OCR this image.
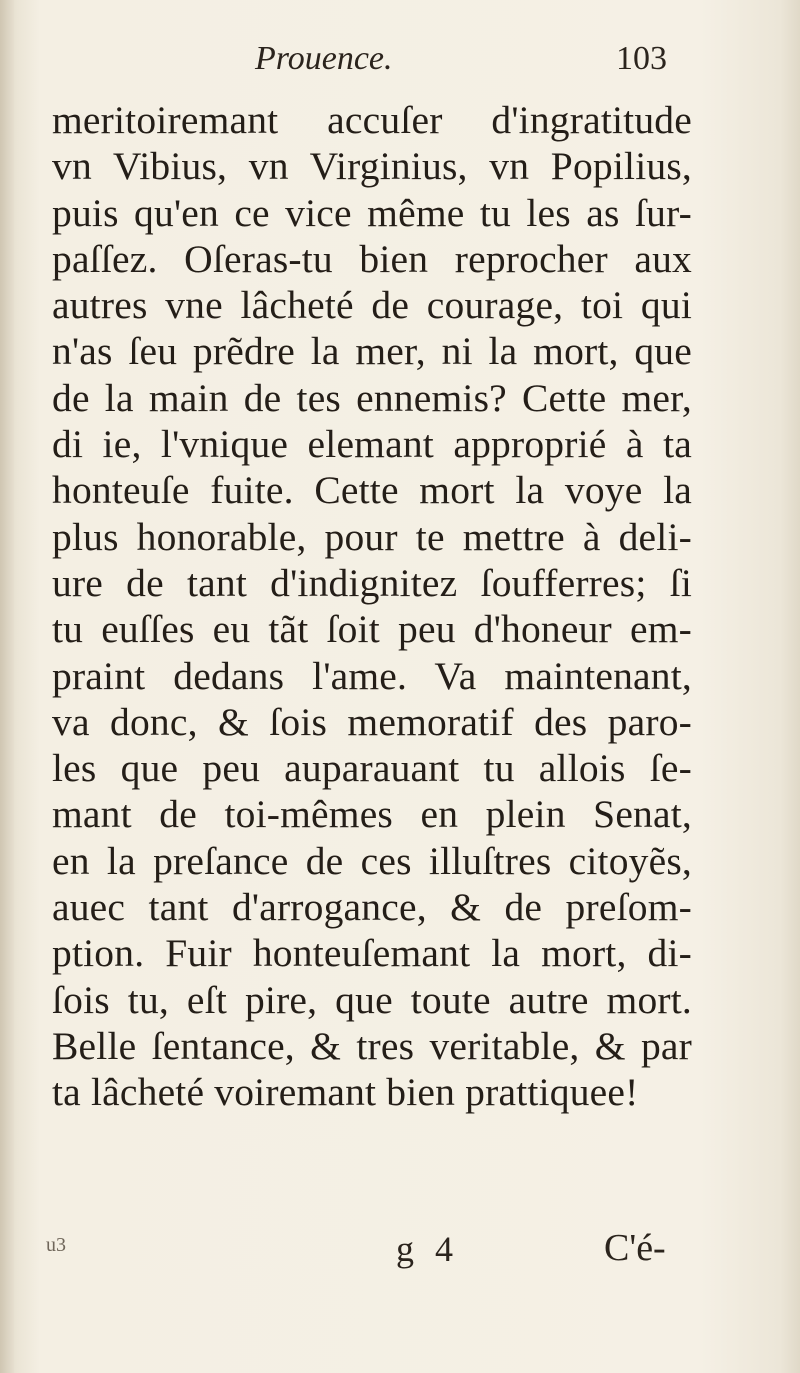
Prouence.	103
meritoiremant accuſer d'ingratitude
vn Vibius, vn Virginius, vn Popilius,
puis qu'en ce vice même tu les as ſur-
paſſez. Oſeras-tu bien reprocher aux
autres vne lâcheté de courage, toi qui
n'as ſeu prẽdre la mer, ni la mort, que
de la main de tes ennemis? Cette mer,
di ie, l'vnique elemant approprié à ta
honteuſe fuite. Cette mort la voye la
plus honorable, pour te mettre à deli-
ure de tant d'indignitez ſoufferres; ſi
tu euſſes eu tãt ſoit peu d'honeur em-
praint dedans l'ame. Va maintenant,
va donc, & ſois memoratif des paro-
les que peu auparauant tu allois ſe-
mant de toi-mêmes en plein Senat,
en la preſance de ces illuſtres citoyẽs,
auec tant d'arrogance, & de preſom-
ption. Fuir honteuſemant la mort, di-
ſois tu, eſt pire, que toute autre mort.
Belle ſentance, & tres veritable, & par
ta lâcheté voiremant bien prattiquee!
u3	g 4	C'é-
